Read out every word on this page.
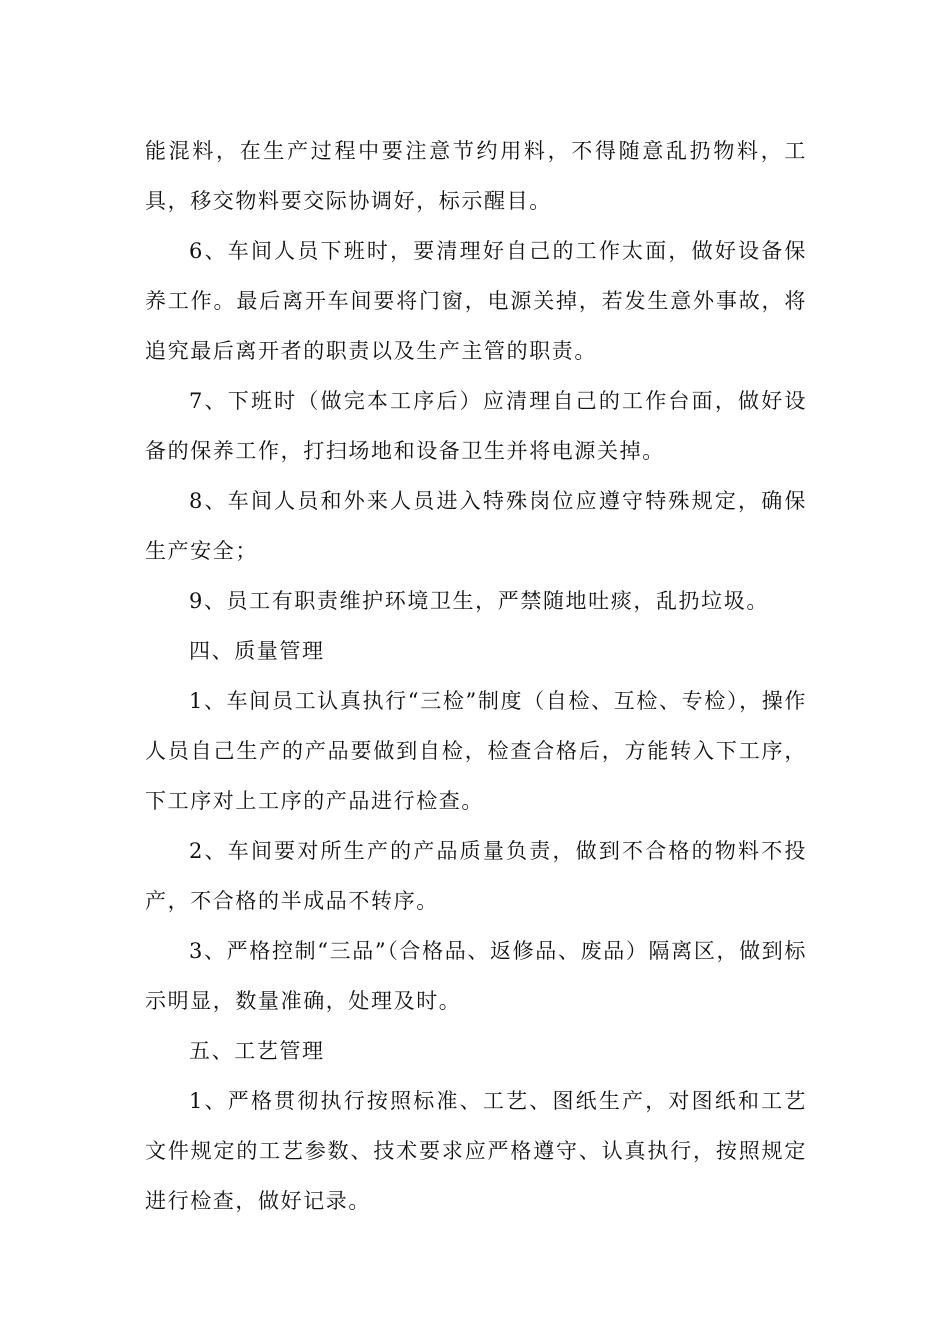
能混料，在生产过程中要注意节约用料，不得随意乱扔物料，工具，移交物料要交际协调好，标示醒目。

6、车间人员下班时，要清理好自己的工作太面，做好设备保养工作。最后离开车间要将门窗，电源关掉，若发生意外事故，将追究最后离开者的职责以及生产主管的职责。

7、下班时（做完本工序后）应清理自己的工作台面，做好设备的保养工作，打扫场地和设备卫生并将电源关掉。

8、车间人员和外来人员进入特殊岗位应遵守特殊规定，确保生产安全；

9、员工有职责维护环境卫生，严禁随地吐痰，乱扔垃圾。

四、质量管理

1、车间员工认真执行“三检”制度（自检、互检、专检），操作人员自己生产的产品要做到自检，检查合格后，方能转入下工序，下工序对上工序的产品进行检查。

2、车间要对所生产的产品质量负责，做到不合格的物料不投产，不合格的半成品不转序。

3、严格控制“三品”（合格品、返修品、废品）隔离区，做到标示明显，数量准确，处理及时。

五、工艺管理

1、严格贯彻执行按照标准、工艺、图纸生产，对图纸和工艺文件规定的工艺参数、技术要求应严格遵守、认真执行，按照规定进行检查，做好记录。
